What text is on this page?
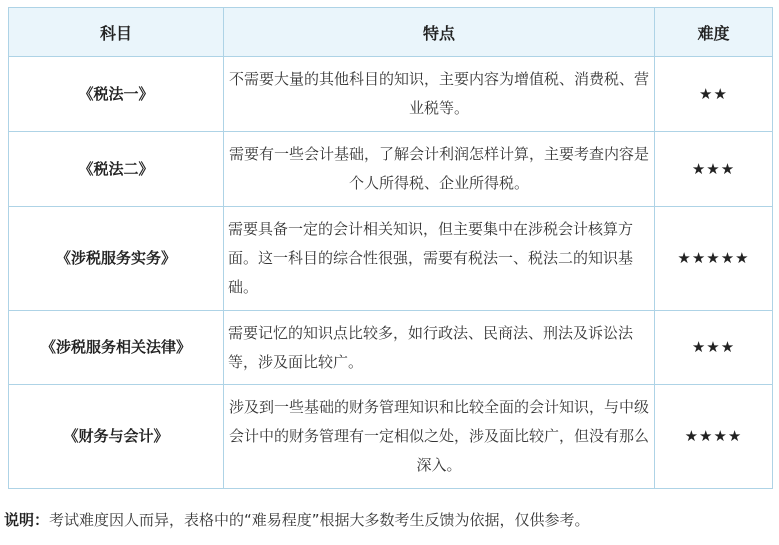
科目	特点	难度
《税法一》	不需要大量的其他科目的知识，主要内容为增值税、消费税、营业税等。	★★
《税法二》	需要有一些会计基础，了解会计利润怎样计算，主要考查内容是个人所得税、企业所得税。	★★★
《涉税服务实务》	需要具备一定的会计相关知识，但主要集中在涉税会计核算方面。这一科目的综合性很强，需要有税法一、税法二的知识基础。	★★★★★
《涉税服务相关法律》	需要记忆的知识点比较多，如行政法、民商法、刑法及诉讼法等，涉及面比较广。	★★★
《财务与会计》	涉及到一些基础的财务管理知识和比较全面的会计知识，与中级会计中的财务管理有一定相似之处，涉及面比较广，但没有那么深入。	★★★★
说明：考试难度因人而异，表格中的“难易程度”根据大多数考生反馈为依据，仅供参考。
